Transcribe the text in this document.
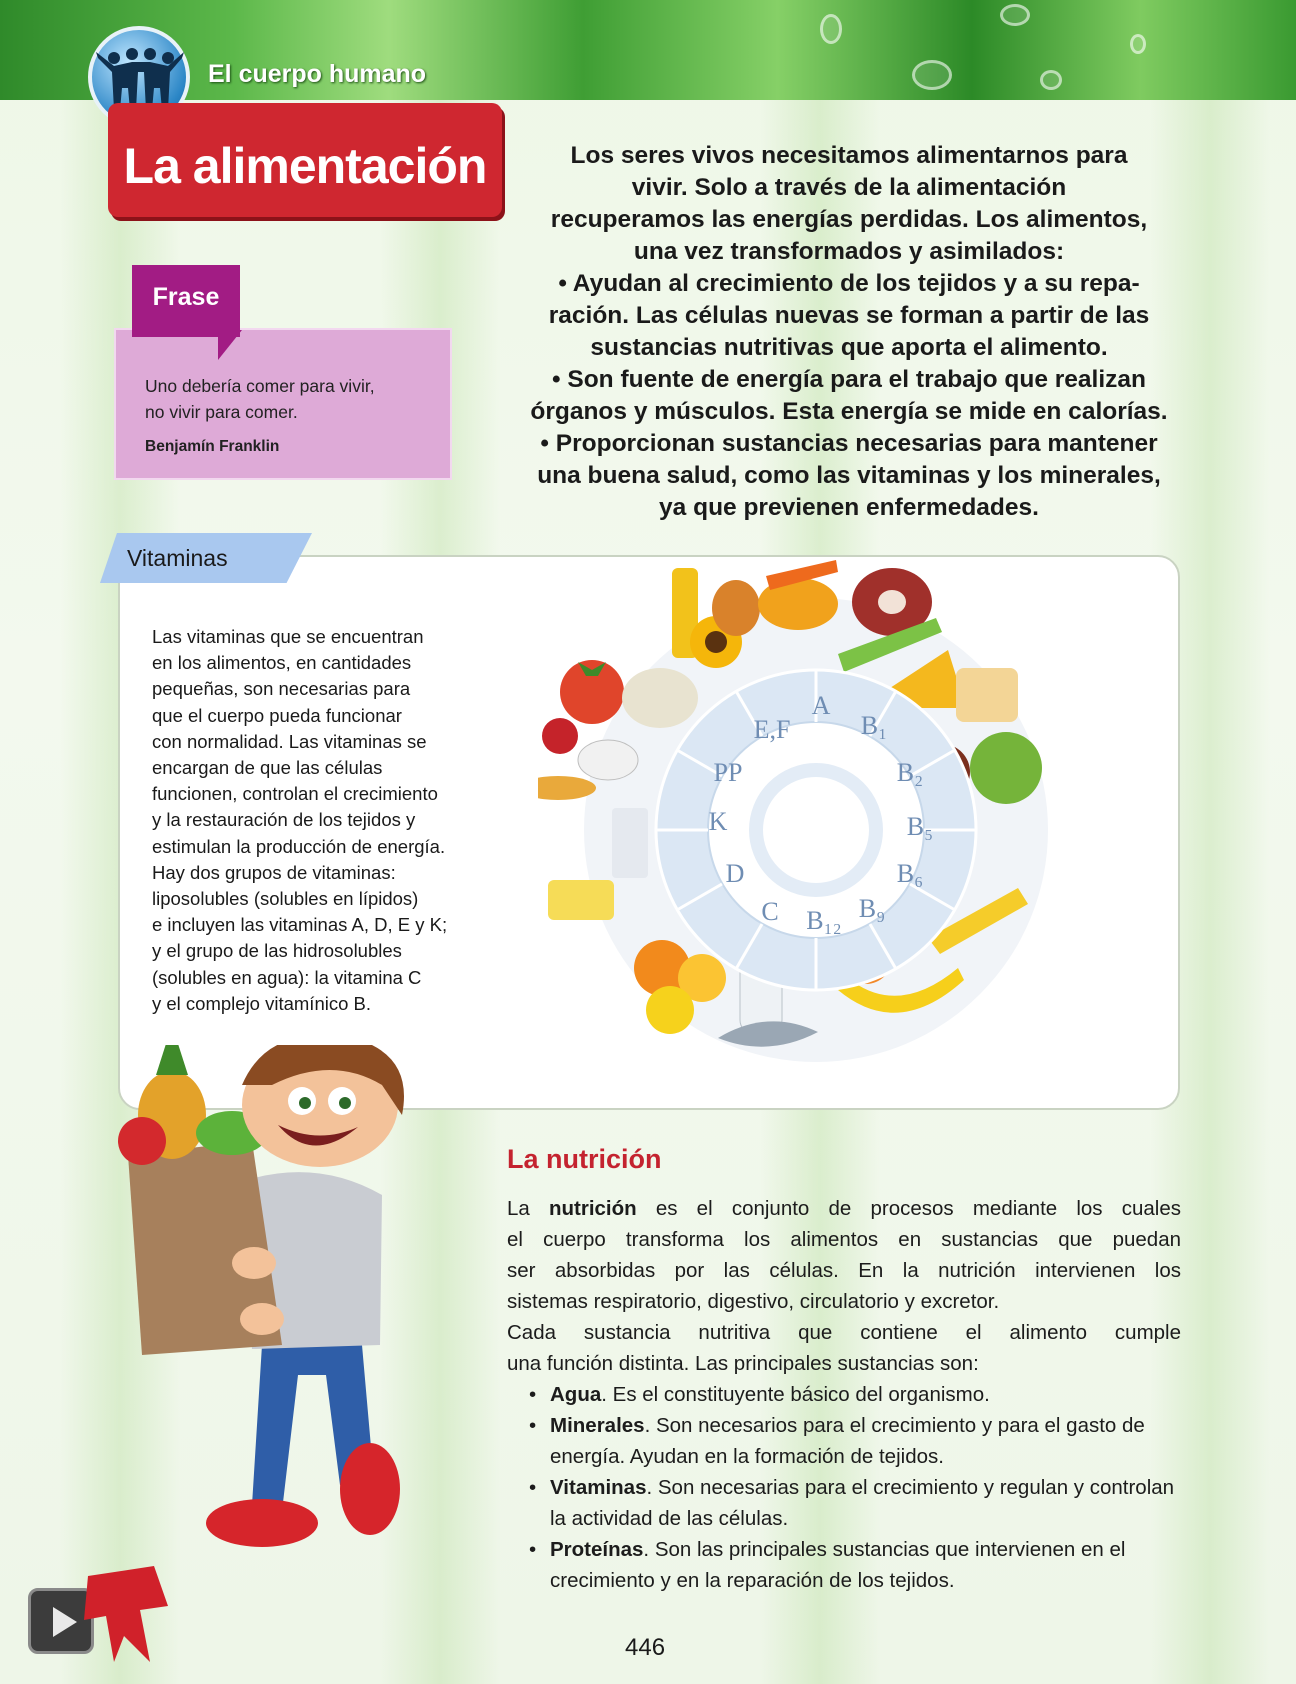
El cuerpo humano
La alimentación	Los seres vivos necesitamos alimentarnos para
vivir. Solo a través de la alimentación
recuperamos las energías perdidas. Los alimentos,
una vez transformados y asimilados:
• Ayudan al crecimiento de los tejidos y a su repa-
ración. Las células nuevas se forman a partir de las
sustancias nutritivas que aporta el alimento.
• Son fuente de energía para el trabajo que realizan
órganos y músculos. Esta energía se mide en calorías.
• Proporcionan sustancias necesarias para mantener
una buena salud, como las vitaminas y los minerales,
ya que previenen enfermedades.
Frase
Uno debería comer para vivir,
no vivir para comer.
Benjamín Franklin
Vitaminas
Las vitaminas que se encuentran
en los alimentos, en cantidades
pequeñas, son necesarias para
que el cuerpo pueda funcionar
con normalidad. Las vitaminas se
encargan de que las células
funcionen, controlan el crecimiento
y la restauración de los tejidos y
estimulan la producción de energía.
Hay dos grupos de vitaminas:
liposolubles (solubles en lípidos)
e incluyen las vitaminas A, D, E y K;
y el grupo de las hidrosolubles
(solubles en agua): la vitamina C
y el complejo vitamínico B.
A
B₁
B₂
B₅
B₆
B₉
B₁₂
C
D
K
PP
E,F
La nutrición
La nutrición es el conjunto de procesos mediante los cuales
el cuerpo transforma los alimentos en sustancias que puedan
ser absorbidas por las células. En la nutrición intervienen los
sistemas respiratorio, digestivo, circulatorio y excretor.
Cada sustancia nutritiva que contiene el alimento cumple
una función distinta. Las principales sustancias son:
• Agua. Es el constituyente básico del organismo.
• Minerales. Son necesarios para el crecimiento y para el gasto de energía. Ayudan en la formación de tejidos.
• Vitaminas. Son necesarias para el crecimiento y regulan y controlan la actividad de las células.
• Proteínas. Son las principales sustancias que intervienen en el crecimiento y en la reparación de los tejidos.
446
